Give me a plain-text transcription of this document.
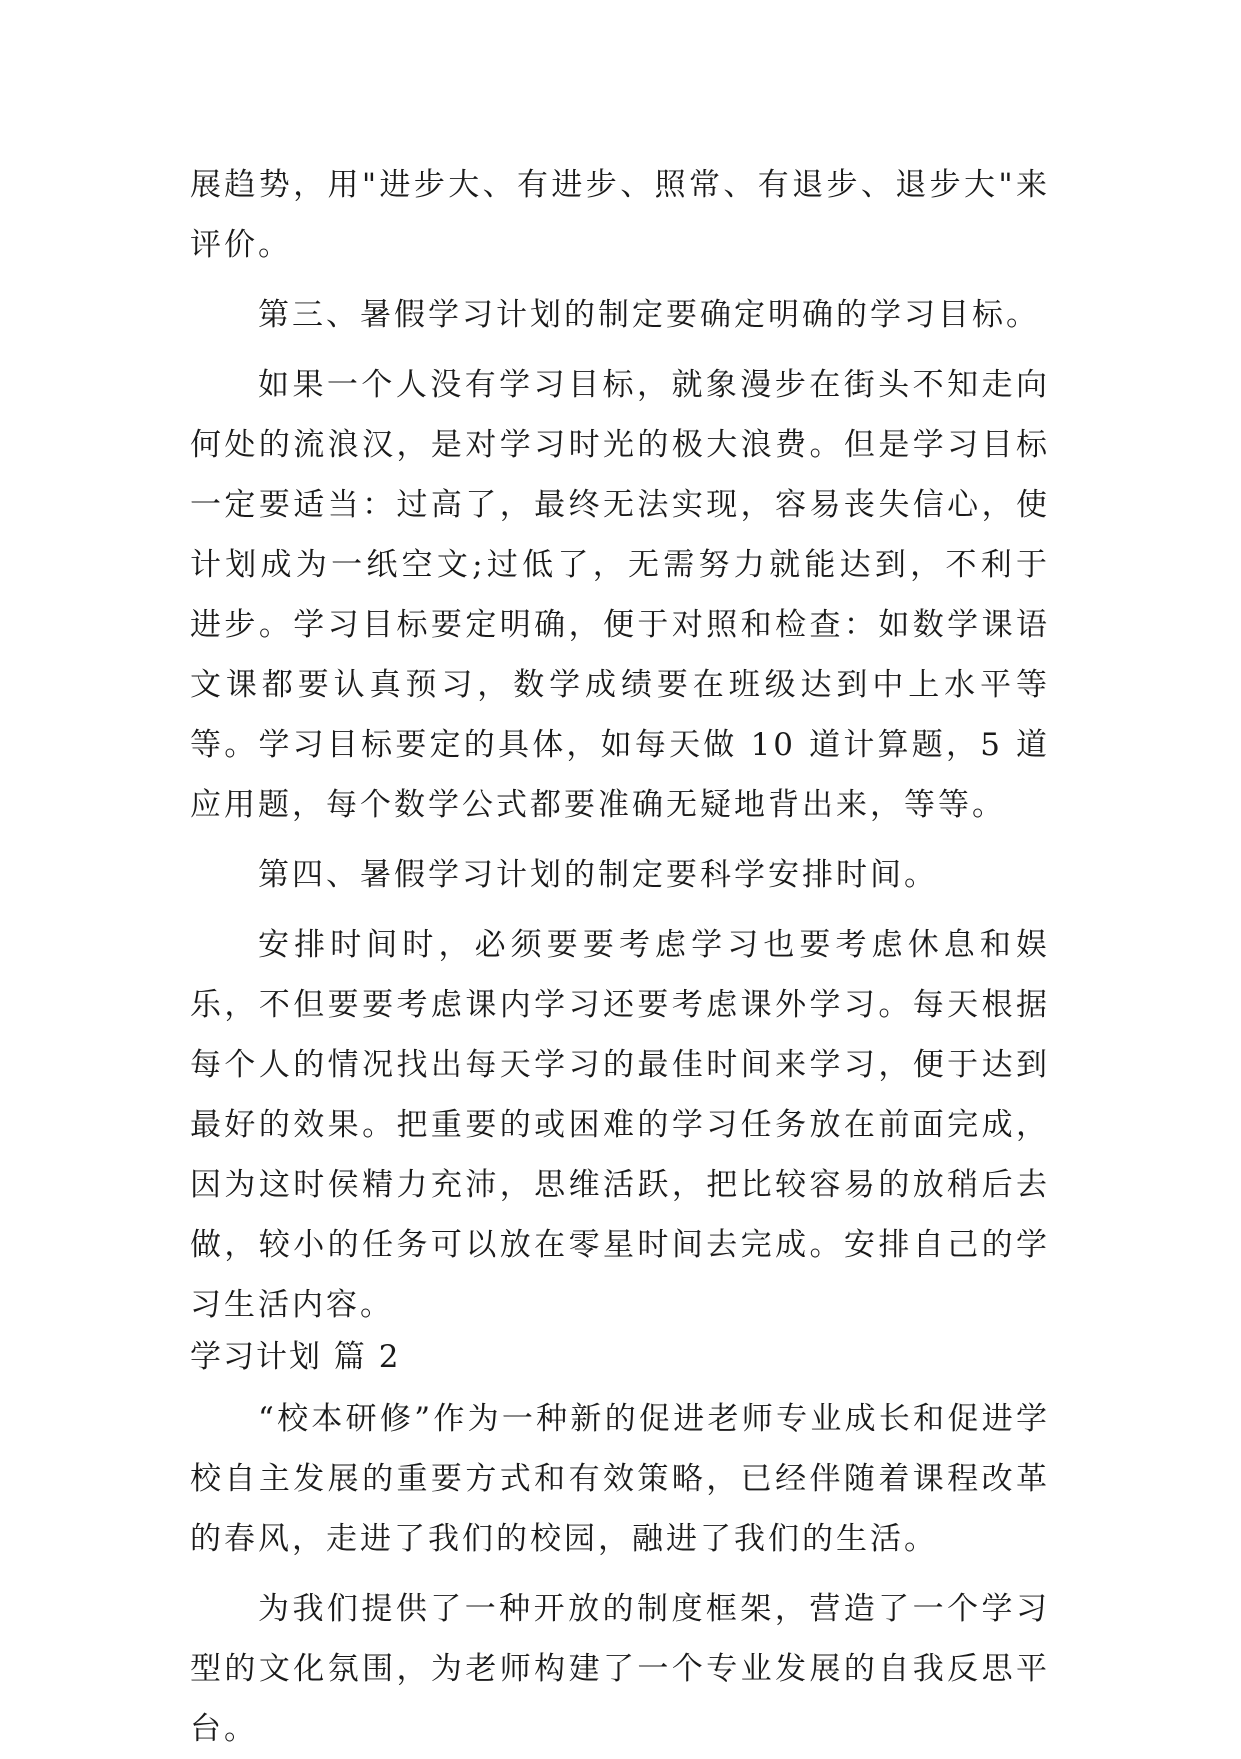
展趋势，用"进步大、有进步、照常、有退步、退步大"来评价。

第三、暑假学习计划的制定要确定明确的学习目标。

如果一个人没有学习目标，就象漫步在街头不知走向何处的流浪汉，是对学习时光的极大浪费。但是学习目标一定要适当：过高了，最终无法实现，容易丧失信心，使计划成为一纸空文;过低了，无需努力就能达到，不利于进步。学习目标要定明确，便于对照和检查：如数学课语文课都要认真预习，数学成绩要在班级达到中上水平等等。学习目标要定的具体，如每天做 10 道计算题，5 道应用题，每个数学公式都要准确无疑地背出来，等等。

第四、暑假学习计划的制定要科学安排时间。

安排时间时，必须要要考虑学习也要考虑休息和娱乐，不但要要考虑课内学习还要考虑课外学习。每天根据每个人的情况找出每天学习的最佳时间来学习，便于达到最好的效果。把重要的或困难的学习任务放在前面完成，因为这时侯精力充沛，思维活跃，把比较容易的放稍后去做，较小的任务可以放在零星时间去完成。安排自己的学习生活内容。

学习计划 篇 2

“校本研修”作为一种新的促进老师专业成长和促进学校自主发展的重要方式和有效策略，已经伴随着课程改革的春风，走进了我们的校园，融进了我们的生活。

为我们提供了一种开放的制度框架，营造了一个学习型的文化氛围，为老师构建了一个专业发展的自我反思平台。
